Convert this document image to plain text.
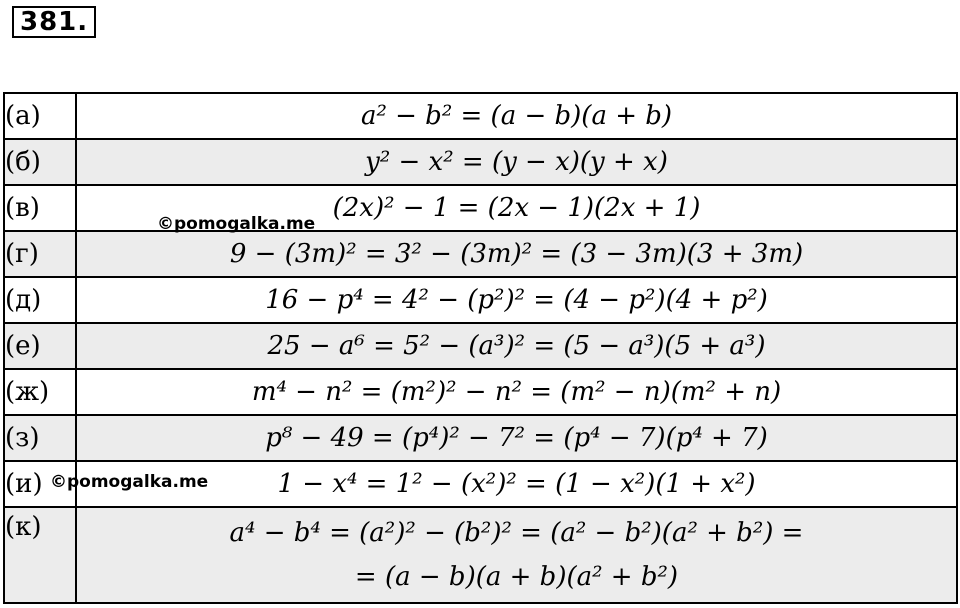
381.
(а)	a² − b² = (a − b)(a + b)

(б)	y² − x² = (y − x)(y + x)

(в)	(2x)² − 1 = (2x − 1)(2x + 1)

(г)	9 − (3m)² = 3² − (3m)² = (3 − 3m)(3 + 3m)

(д)	16 − p⁴ = 4² − (p²)² = (4 − p²)(4 + p²)

(е)	25 − a⁶ = 5² − (a³)² = (5 − a³)(5 + a³)

(ж)	m⁴ − n² = (m²)² − n² = (m² − n)(m² + n)

(з)	p⁸ − 49 = (p⁴)² − 7² = (p⁴ − 7)(p⁴ + 7)

(и)	1 − x⁴ = 1² − (x²)² = (1 − x²)(1 + x²)

(к)	a⁴ − b⁴ = (a²)² − (b²)² = (a² − b²)(a² + b²) =
= (a − b)(a + b)(a² + b²)
©pomogalka.me
©pomogalka.me
